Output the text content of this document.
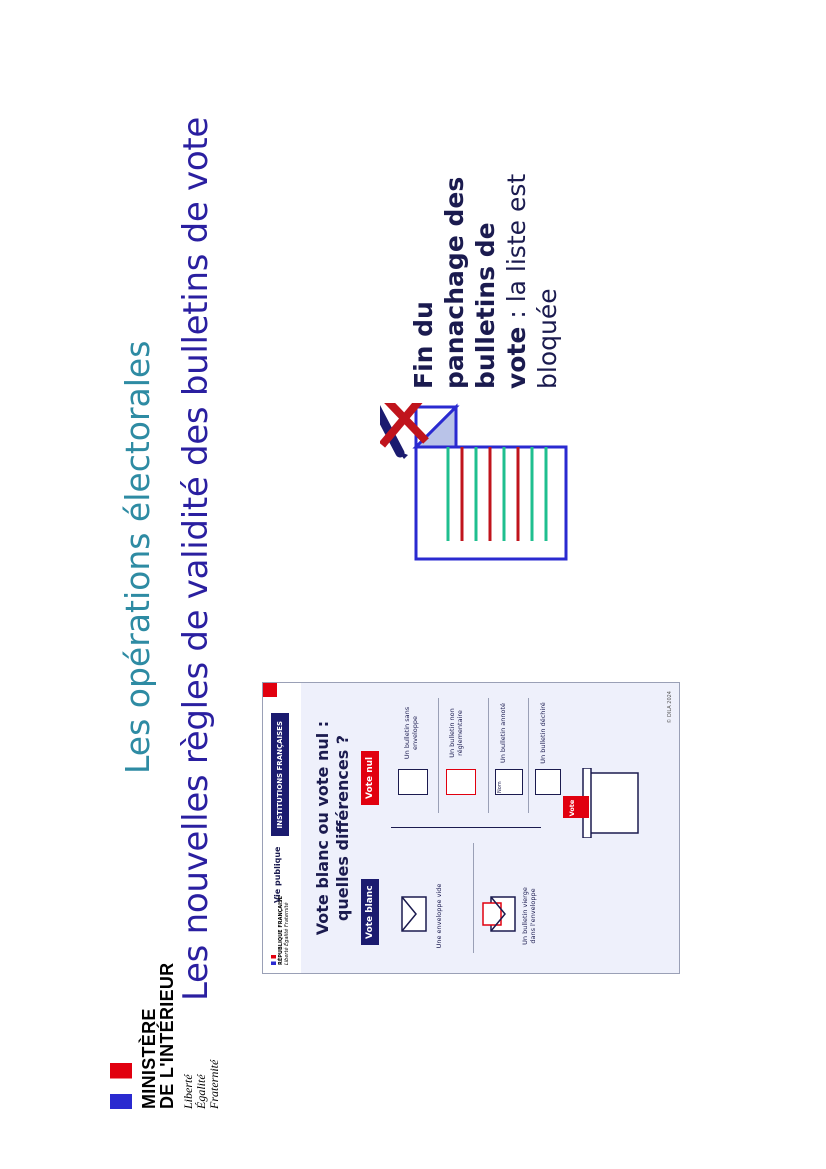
MINISTÈRE
DE L'INTÉRIEUR Liberté Égalité Fraternité
Les opérations électorales Les nouvelles règles de validité des bulletins de vote	RÉPUBLIQUE FRANÇAISE Liberté Égalité Fraternité
Vie publique
INSTITUTIONS FRANÇAISES	Vote blanc ou vote nul : quelles différences ?	Vote blanc
Vote nul
Une enveloppe vide	Un bulletin vierge dans l'enveloppe
Un bulletin sans enveloppe	Un bulletin non réglementaire
Nom
Un bulletin annoté	Un bulletin déchiré
Vote
© DILA 2024
Fin du panachage des bulletins de vote : la liste est bloquée
